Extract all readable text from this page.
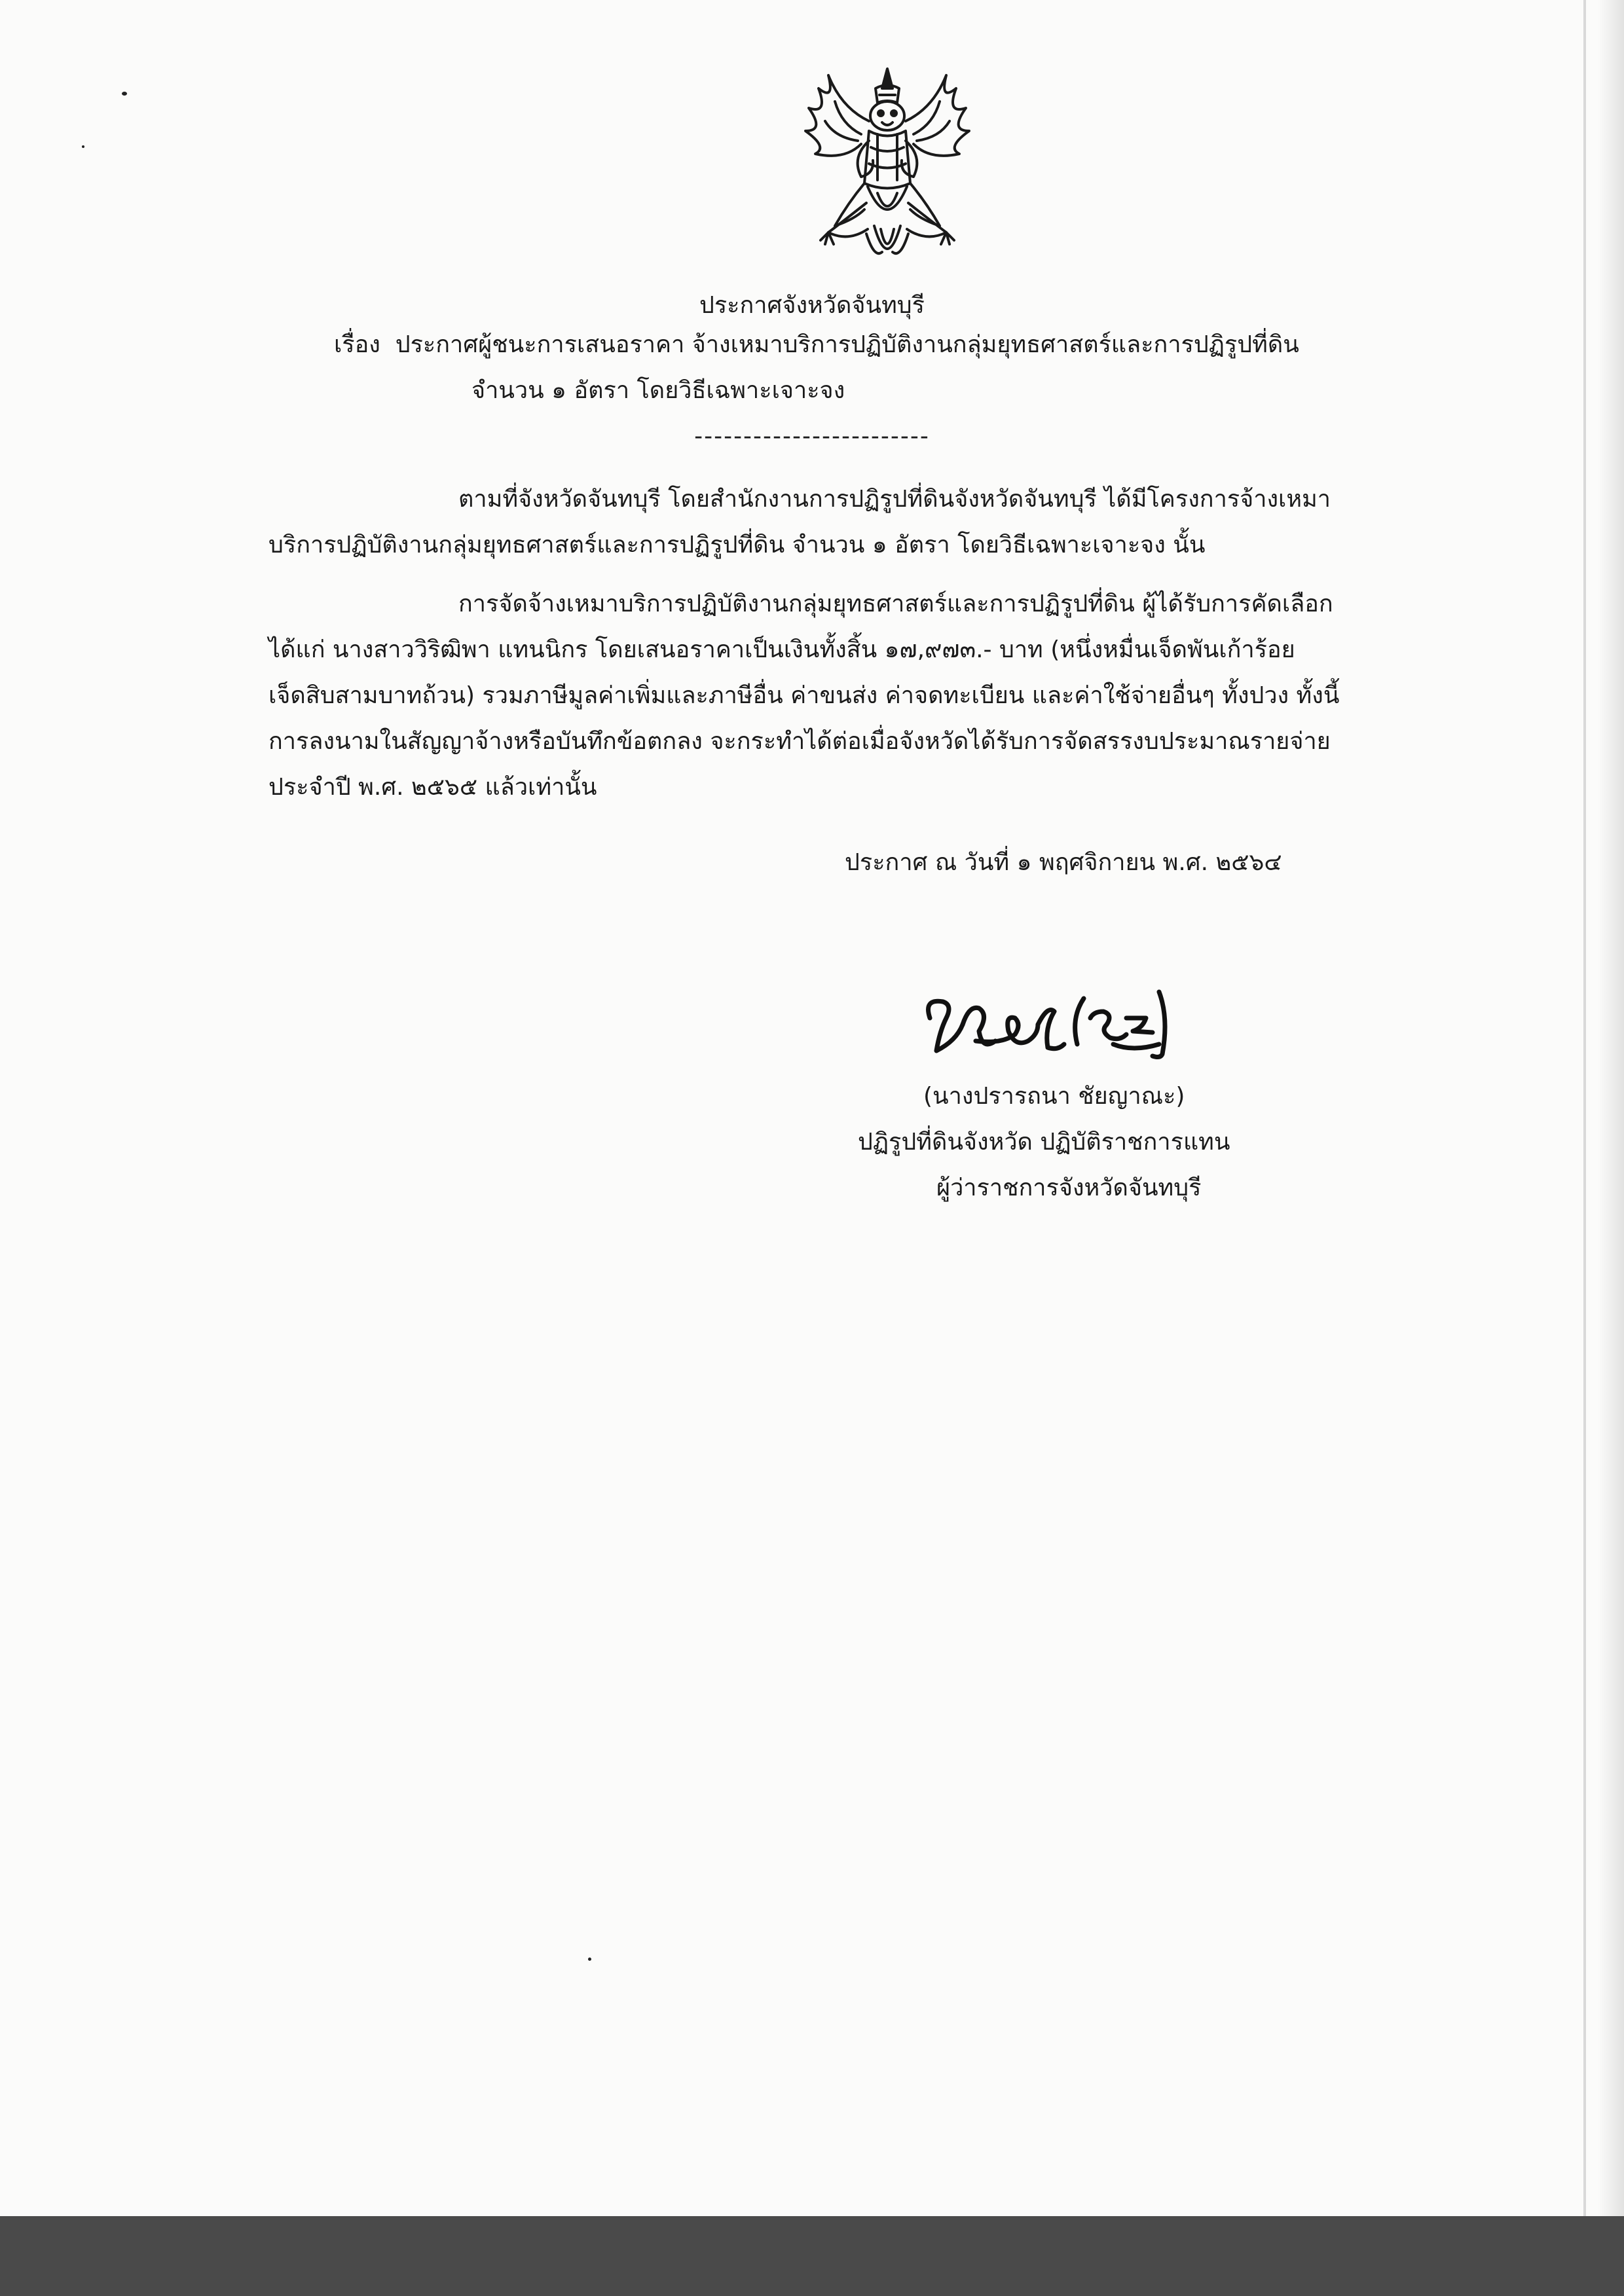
ประกาศจังหวัดจันทบุรี
เรื่อง ประกาศผู้ชนะการเสนอราคา จ้างเหมาบริการปฏิบัติงานกลุ่มยุทธศาสตร์และการปฏิรูปที่ดิน
จำนวน ๑ อัตรา โดยวิธีเฉพาะเจาะจง
------------------------
ตามที่จังหวัดจันทบุรี โดยสำนักงานการปฏิรูปที่ดินจังหวัดจันทบุรี ได้มีโครงการจ้างเหมา
บริการปฏิบัติงานกลุ่มยุทธศาสตร์และการปฏิรูปที่ดิน จำนวน ๑ อัตรา โดยวิธีเฉพาะเจาะจง นั้น
การจัดจ้างเหมาบริการปฏิบัติงานกลุ่มยุทธศาสตร์และการปฏิรูปที่ดิน ผู้ได้รับการคัดเลือก
ได้แก่ นางสาววิริฒิพา แทนนิกร โดยเสนอราคาเป็นเงินทั้งสิ้น ๑๗,๙๗๓.- บาท (หนึ่งหมื่นเจ็ดพันเก้าร้อย
เจ็ดสิบสามบาทถ้วน) รวมภาษีมูลค่าเพิ่มและภาษีอื่น ค่าขนส่ง ค่าจดทะเบียน และค่าใช้จ่ายอื่นๆ ทั้งปวง ทั้งนี้
การลงนามในสัญญาจ้างหรือบันทึกข้อตกลง จะกระทำได้ต่อเมื่อจังหวัดได้รับการจัดสรรงบประมาณรายจ่าย
ประจำปี พ.ศ. ๒๕๖๕ แล้วเท่านั้น
ประกาศ ณ วันที่ ๑ พฤศจิกายน พ.ศ. ๒๕๖๔
(นางปรารถนา ชัยญาณะ)
ปฏิรูปที่ดินจังหวัด ปฏิบัติราชการแทน
ผู้ว่าราชการจังหวัดจันทบุรี
